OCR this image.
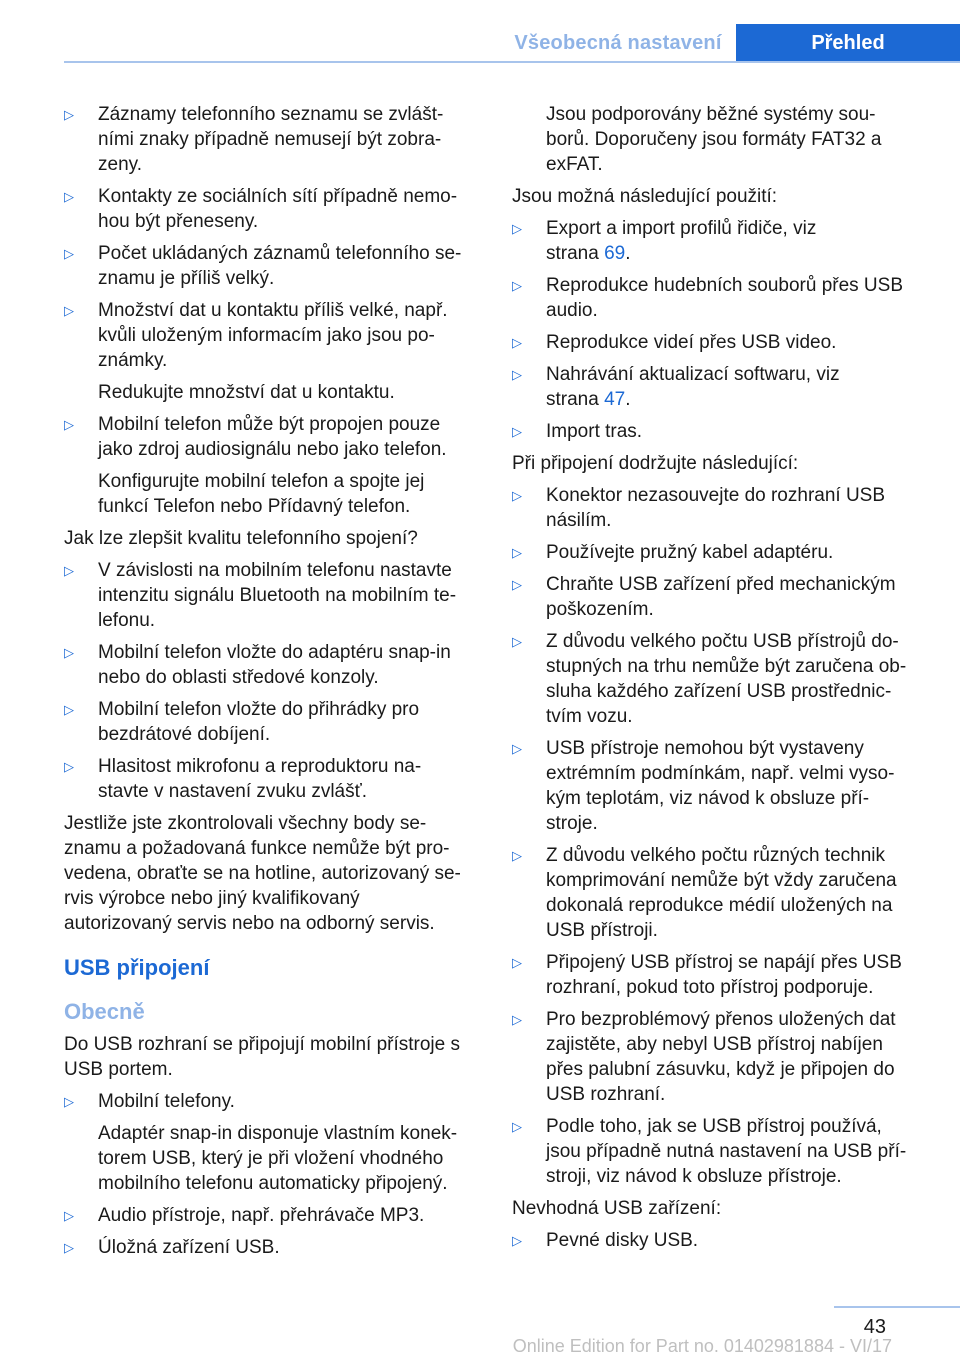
Všeobecná nastavení	Přehled
▷	Záznamy telefonního seznamu se zvlášt-
ními znaky případně nemusejí být zobra-
zeny.
▷	Kontakty ze sociálních sítí případně nemo-
hou být přeneseny.
▷	Počet ukládaných záznamů telefonního se-
znamu je příliš velký.
▷	Množství dat u kontaktu příliš velké, např.
kvůli uloženým informacím jako jsou po-
známky.
Redukujte množství dat u kontaktu.
▷	Mobilní telefon může být propojen pouze
jako zdroj audiosignálu nebo jako telefon.
Konfigurujte mobilní telefon a spojte jej
funkcí Telefon nebo Přídavný telefon.
Jak lze zlepšit kvalitu telefonního spojení?
▷	V závislosti na mobilním telefonu nastavte
intenzitu signálu Bluetooth na mobilním te-
lefonu.
▷	Mobilní telefon vložte do adaptéru snap-in
nebo do oblasti středové konzoly.
▷	Mobilní telefon vložte do přihrádky pro
bezdrátové dobíjení.
▷	Hlasitost mikrofonu a reproduktoru na-
stavte v nastavení zvuku zvlášť.
Jestliže jste zkontrolovali všechny body se-
znamu a požadovaná funkce nemůže být pro-
vedena, obraťte se na hotline, autorizovaný se-
rvis výrobce nebo jiný kvalifikovaný
autorizovaný servis nebo na odborný servis.
USB připojení
Obecně
Do USB rozhraní se připojují mobilní přístroje s
USB portem.
▷	Mobilní telefony.
Adaptér snap-in disponuje vlastním konek-
torem USB, který je při vložení vhodného
mobilního telefonu automaticky připojený.
▷	Audio přístroje, např. přehrávače MP3.
▷	Úložná zařízení USB.
Jsou podporovány běžné systémy sou-
borů. Doporučeny jsou formáty FAT32 a
exFAT.
Jsou možná následující použití:
▷	Export a import profilů řidiče, viz
strana 69.
▷	Reprodukce hudebních souborů přes USB
audio.
▷	Reprodukce videí přes USB video.
▷	Nahrávání aktualizací softwaru, viz
strana 47.
▷	Import tras.
Při připojení dodržujte následující:
▷	Konektor nezasouvejte do rozhraní USB
násilím.
▷	Používejte pružný kabel adaptéru.
▷	Chraňte USB zařízení před mechanickým
poškozením.
▷	Z důvodu velkého počtu USB přístrojů do-
stupných na trhu nemůže být zaručena ob-
sluha každého zařízení USB prostřednic-
tvím vozu.
▷	USB přístroje nemohou být vystaveny
extrémním podmínkám, např. velmi vyso-
kým teplotám, viz návod k obsluze pří-
stroje.
▷	Z důvodu velkého počtu různých technik
komprimování nemůže být vždy zaručena
dokonalá reprodukce médií uložených na
USB přístroji.
▷	Připojený USB přístroj se napájí přes USB
rozhraní, pokud toto přístroj podporuje.
▷	Pro bezproblémový přenos uložených dat
zajistěte, aby nebyl USB přístroj nabíjen
přes palubní zásuvku, když je připojen do
USB rozhraní.
▷	Podle toho, jak se USB přístroj používá,
jsou případně nutná nastavení na USB pří-
stroji, viz návod k obsluze přístroje.
Nevhodná USB zařízení:
▷	Pevné disky USB.
43
Online Edition for Part no. 01402981884 - VI/17
